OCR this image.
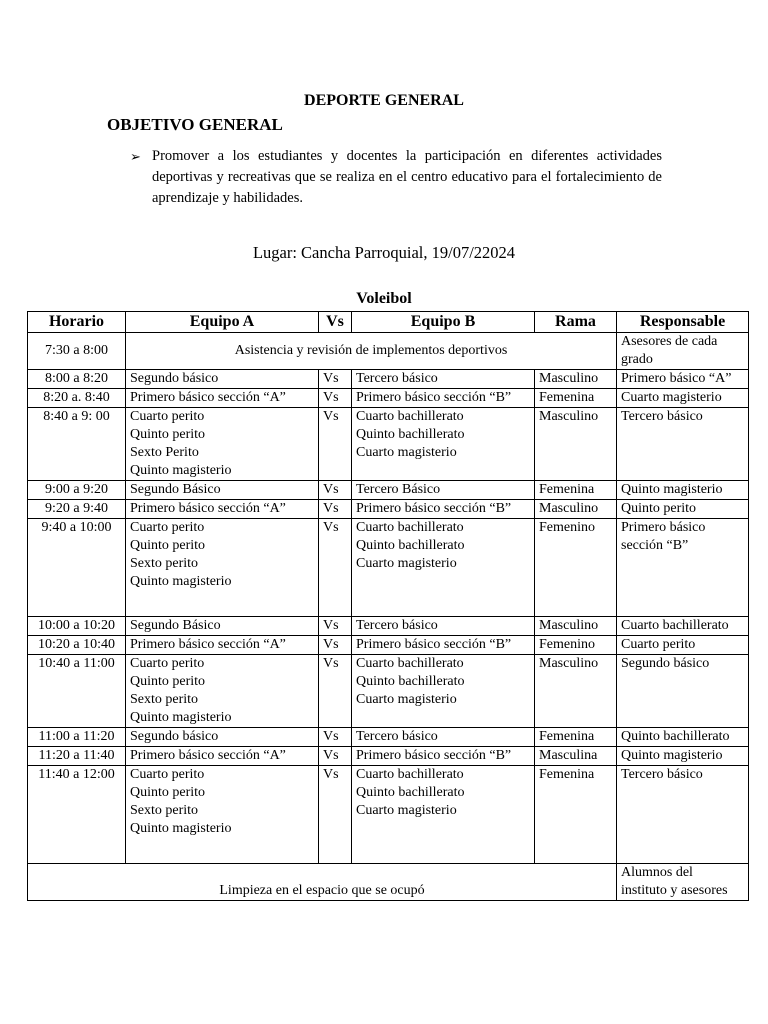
DEPORTE GENERAL
OBJETIVO GENERAL
➢ Promover a los estudiantes y docentes la participación en diferentes actividades deportivas y recreativas que se realiza en el centro educativo para el fortalecimiento de aprendizaje y habilidades.
Lugar: Cancha Parroquial, 19/07/22024
Voleibol
Horario	Equipo A	Vs	Equipo B	Rama	Responsable
7:30 a 8:00	Asistencia y revisión de implementos deportivos				Asesores de cada
grado

8:00 a 8:20	Segundo básico	Vs	Tercero básico	Masculino	Primero básico “A”

8:20 a. 8:40	Primero básico sección “A”	Vs	Primero básico sección “B”	Femenina	Cuarto magisterio

8:40 a 9: 00	Cuarto perito
Quinto perito
Sexto Perito
Quinto magisterio	Vs	Cuarto bachillerato
Quinto bachillerato
Cuarto magisterio	Masculino	Tercero básico

9:00 a 9:20	Segundo Básico	Vs	Tercero Básico	Femenina	Quinto magisterio

9:20 a 9:40	Primero básico sección “A”	Vs	Primero básico sección “B”	Masculino	Quinto perito

9:40 a 10:00	Cuarto perito
Quinto perito
Sexto perito
Quinto magisterio	Vs	Cuarto bachillerato
Quinto bachillerato
Cuarto magisterio	Femenino	Primero básico
sección “B”

10:00 a 10:20	Segundo Básico	Vs	Tercero básico	Masculino	Cuarto bachillerato

10:20 a 10:40	Primero básico sección “A”	Vs	Primero básico sección “B”	Femenino	Cuarto perito

10:40 a 11:00	Cuarto perito
Quinto perito
Sexto perito
Quinto magisterio	Vs	Cuarto bachillerato
Quinto bachillerato
Cuarto magisterio	Masculino	Segundo básico

11:00 a 11:20	Segundo básico	Vs	Tercero básico	Femenina	Quinto bachillerato

11:20 a 11:40	Primero básico sección “A”	Vs	Primero básico sección “B”	Masculina	Quinto magisterio

11:40 a 12:00	Cuarto perito
Quinto perito
Sexto perito
Quinto magisterio	Vs	Cuarto bachillerato
Quinto bachillerato
Cuarto magisterio	Femenina	Tercero básico

Limpieza en el espacio que se ocupó					Alumnos del
instituto y asesores
